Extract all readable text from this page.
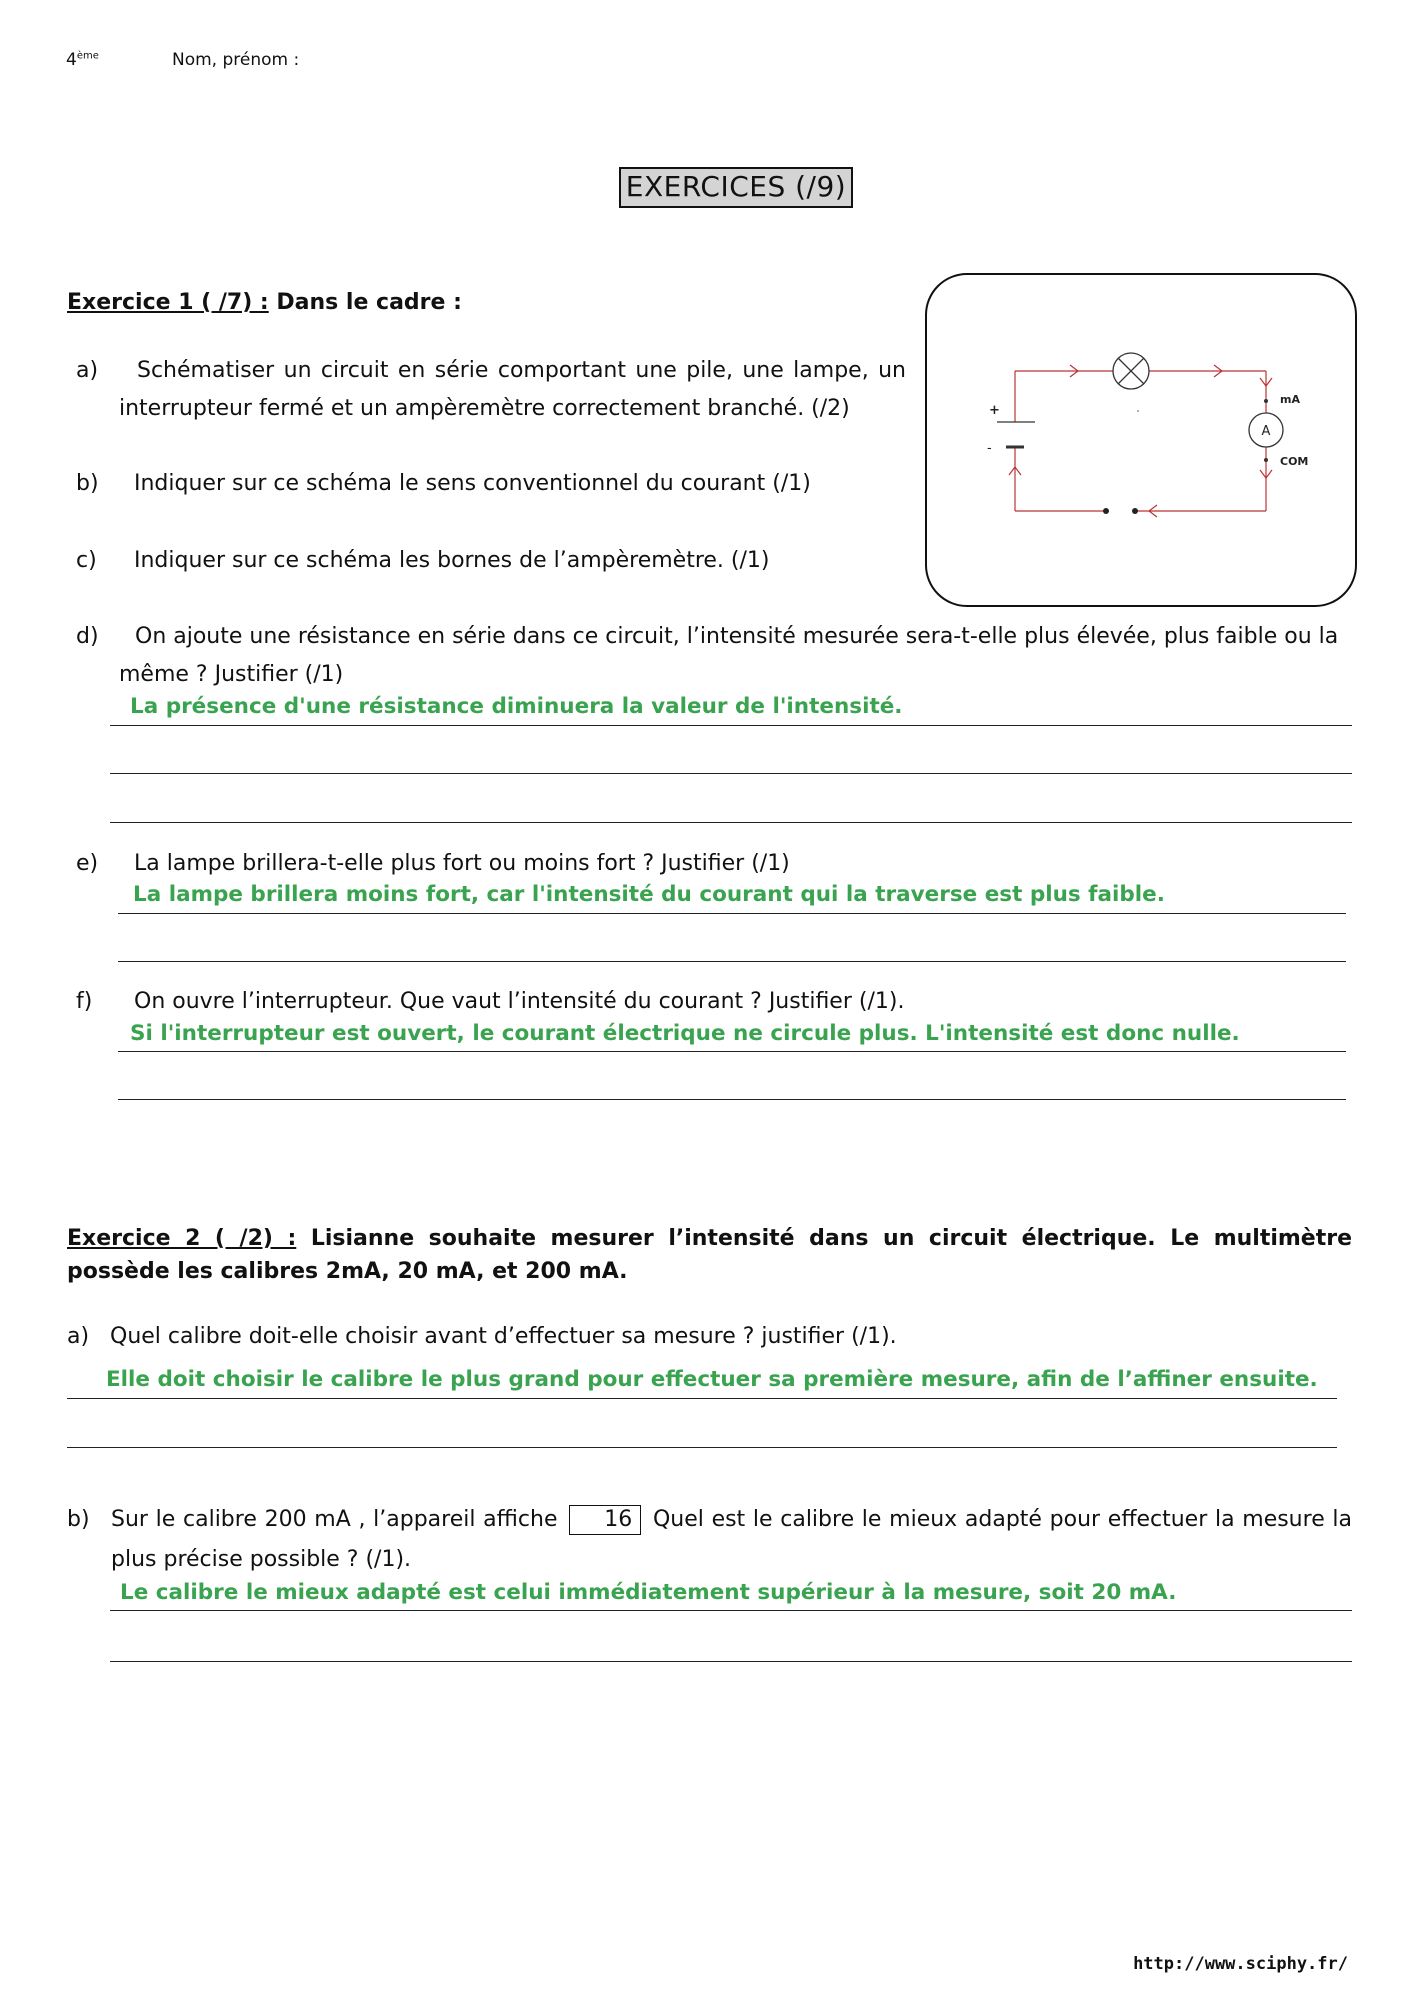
4ème	Nom, prénom :
EXERCICES (/9)
Exercice 1 ( /7) : Dans le cadre :
a)	Schématiser un circuit en série comportant une pile, une lampe, un interrupteur fermé et un ampèremètre correctement branché. (/2)
b)	Indiquer sur ce schéma le sens conventionnel du courant (/1)
c)	Indiquer sur ce schéma les bornes de l’ampèremètre. (/1)
d)	On ajoute une résistance en série dans ce circuit, l’intensité mesurée sera-t-elle plus élevée, plus faible ou la même ? Justifier (/1)
La présence d'une résistance diminuera la valeur de l'intensité.
e)	La lampe brillera-t-elle plus fort ou moins fort ? Justifier (/1)
La lampe brillera moins fort, car l'intensité du courant qui la traverse est plus faible.
f)	On ouvre l’interrupteur. Que vaut l’intensité du courant ? Justifier (/1).
Si l'interrupteur est ouvert, le courant électrique ne circule plus. L'intensité est donc nulle.
+
-
A
mA
COM
Exercice 2 ( /2) : Lisianne souhaite mesurer l’intensité dans un circuit électrique. Le multimètre possède les calibres 2mA, 20 mA, et 200 mA.
a) Quel calibre doit-elle choisir avant d’effectuer sa mesure ? justifier (/1).
Elle doit choisir le calibre le plus grand pour effectuer sa première mesure, afin de l’affiner ensuite.
b) Sur le calibre 200 mA , l’appareil affiche 16 Quel est le calibre le mieux adapté pour effectuer la mesure la plus précise possible ? (/1).
Le calibre le mieux adapté est celui immédiatement supérieur à la mesure, soit 20 mA.
http://www.sciphy.fr/
